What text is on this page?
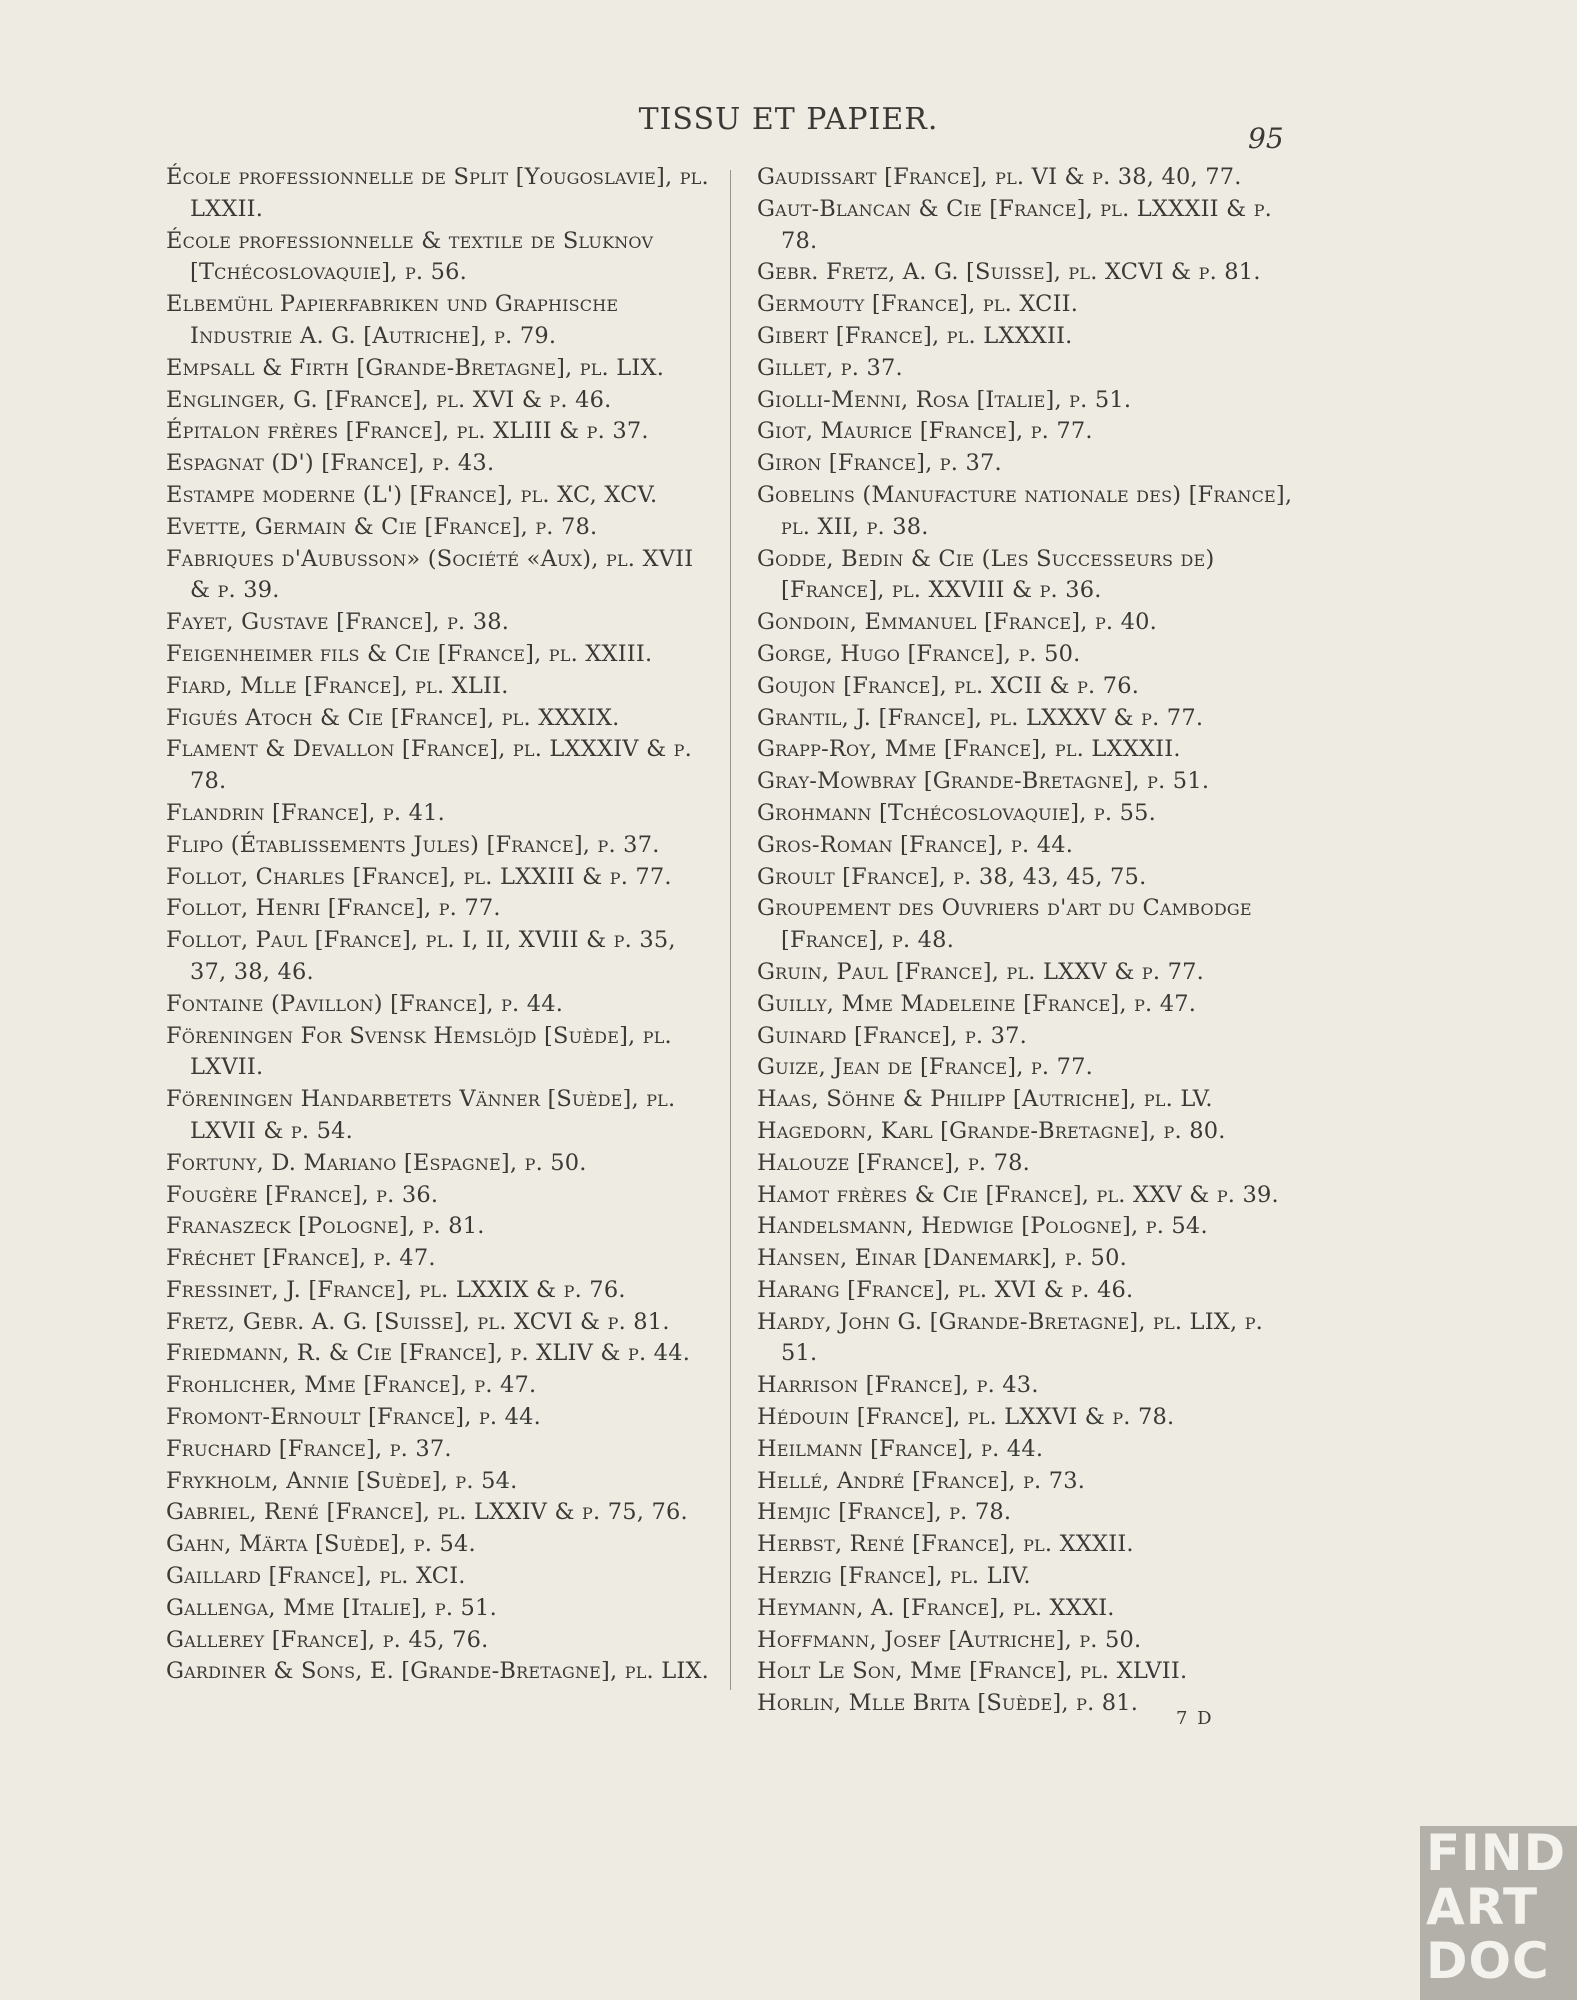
TISSU ET PAPIER.
95

École professionnelle de Split [Yougoslavie], pl. LXXII.

École professionnelle & textile de Sluknov [Tchécoslovaquie], p. 56.

Elbemühl Papierfabriken und Graphische Industrie A. G. [Autriche], p. 79.

Empsall & Firth [Grande-Bretagne], pl. LIX.

Englinger, G. [France], pl. XVI & p. 46.

Épitalon frères [France], pl. XLIII & p. 37.

Espagnat (D') [France], p. 43.

Estampe moderne (L') [France], pl. XC, XCV.

Evette, Germain & Cie [France], p. 78.

Fabriques d'Aubusson» (Société «Aux), pl. XVII & p. 39.

Fayet, Gustave [France], p. 38.

Feigenheimer fils & Cie [France], pl. XXIII.

Fiard, Mlle [France], pl. XLII.

Figués Atoch & Cie [France], pl. XXXIX.

Flament & Devallon [France], pl. LXXXIV & p. 78.

Flandrin [France], p. 41.

Flipo (Établissements Jules) [France], p. 37.

Follot, Charles [France], pl. LXXIII & p. 77.

Follot, Henri [France], p. 77.

Follot, Paul [France], pl. I, II, XVIII & p. 35, 37, 38, 46.

Fontaine (Pavillon) [France], p. 44.

Föreningen For Svensk Hemslöjd [Suède], pl. LXVII.

Föreningen Handarbetets Vänner [Suède], pl. LXVII & p. 54.

Fortuny, D. Mariano [Espagne], p. 50.

Fougère [France], p. 36.

Franaszeck [Pologne], p. 81.

Fréchet [France], p. 47.

Fressinet, J. [France], pl. LXXIX & p. 76.

Fretz, Gebr. A. G. [Suisse], pl. XCVI & p. 81.

Friedmann, R. & Cie [France], p. XLIV & p. 44.

Frohlicher, Mme [France], p. 47.

Fromont-Ernoult [France], p. 44.

Fruchard [France], p. 37.

Frykholm, Annie [Suède], p. 54.

Gabriel, René [France], pl. LXXIV & p. 75, 76.

Gahn, Märta [Suède], p. 54.

Gaillard [France], pl. XCI.

Gallenga, Mme [Italie], p. 51.

Gallerey [France], p. 45, 76.

Gardiner & Sons, E. [Grande-Bretagne], pl. LIX.

Gaudissart [France], pl. VI & p. 38, 40, 77.

Gaut-Blancan & Cie [France], pl. LXXXII & p. 78.

Gebr. Fretz, A. G. [Suisse], pl. XCVI & p. 81.

Germouty [France], pl. XCII.

Gibert [France], pl. LXXXII.

Gillet, p. 37.

Giolli-Menni, Rosa [Italie], p. 51.

Giot, Maurice [France], p. 77.

Giron [France], p. 37.

Gobelins (Manufacture nationale des) [France], pl. XII, p. 38.

Godde, Bedin & Cie (Les Successeurs de) [France], pl. XXVIII & p. 36.

Gondoin, Emmanuel [France], p. 40.

Gorge, Hugo [France], p. 50.

Goujon [France], pl. XCII & p. 76.

Grantil, J. [France], pl. LXXXV & p. 77.

Grapp-Roy, Mme [France], pl. LXXXII.

Gray-Mowbray [Grande-Bretagne], p. 51.

Grohmann [Tchécoslovaquie], p. 55.

Gros-Roman [France], p. 44.

Groult [France], p. 38, 43, 45, 75.

Groupement des Ouvriers d'art du Cambodge [France], p. 48.

Gruin, Paul [France], pl. LXXV & p. 77.

Guilly, Mme Madeleine [France], p. 47.

Guinard [France], p. 37.

Guize, Jean de [France], p. 77.

Haas, Söhne & Philipp [Autriche], pl. LV.

Hagedorn, Karl [Grande-Bretagne], p. 80.

Halouze [France], p. 78.

Hamot frères & Cie [France], pl. XXV & p. 39.

Handelsmann, Hedwige [Pologne], p. 54.

Hansen, Einar [Danemark], p. 50.

Harang [France], pl. XVI & p. 46.

Hardy, John G. [Grande-Bretagne], pl. LIX, p. 51.

Harrison [France], p. 43.

Hédouin [France], pl. LXXVI & p. 78.

Heilmann [France], p. 44.

Hellé, André [France], p. 73.

Hemjic [France], p. 78.

Herbst, René [France], pl. XXXII.

Herzig [France], pl. LIV.

Heymann, A. [France], pl. XXXI.

Hoffmann, Josef [Autriche], p. 50.

Holt Le Son, Mme [France], pl. XLVII.

Horlin, Mlle Brita [Suède], p. 81.

7 D
FIND
ART
DOC
